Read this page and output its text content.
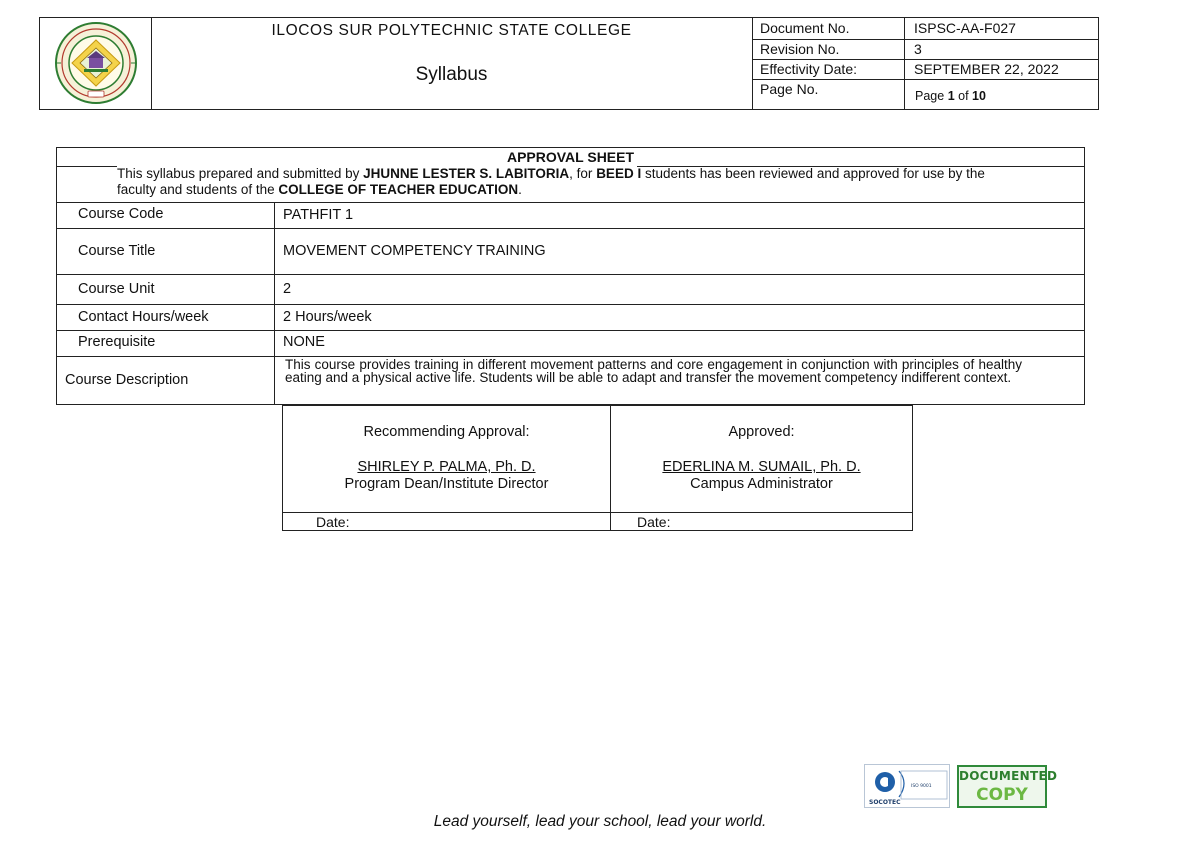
ILOCOS SUR POLYTECHNIC STATE COLLEGE
Syllabus
Document No.	ISPSC-AA-F027
Revision No.	3
Effectivity Date:	SEPTEMBER 22, 2022
Page No.	Page 1 of 10
APPROVAL SHEET
This syllabus prepared and submitted by JHUNNE LESTER S. LABITORIA, for BEED I students has been reviewed and approved for use by the faculty and students of the COLLEGE OF TEACHER EDUCATION.
Course Code	PATHFIT 1
Course Title	MOVEMENT COMPETENCY TRAINING
Course Unit	2
Contact Hours/week	2 Hours/week
Prerequisite	NONE
Course Description
This course provides training in different movement patterns and core engagement in conjunction with principles of healthy eating and a physical active life. Students will be able to adapt and transfer the movement competency indifferent context.
Recommending Approval:
SHIRLEY P. PALMA, Ph. D.
Program Dean/Institute Director
Approved:
EDERLINA M. SUMAIL, Ph. D.
Campus Administrator
Date:	Date:
SOCOTEC
ISO 9001
DOCUMENTED
COPY
Lead yourself, lead your school, lead your world.
